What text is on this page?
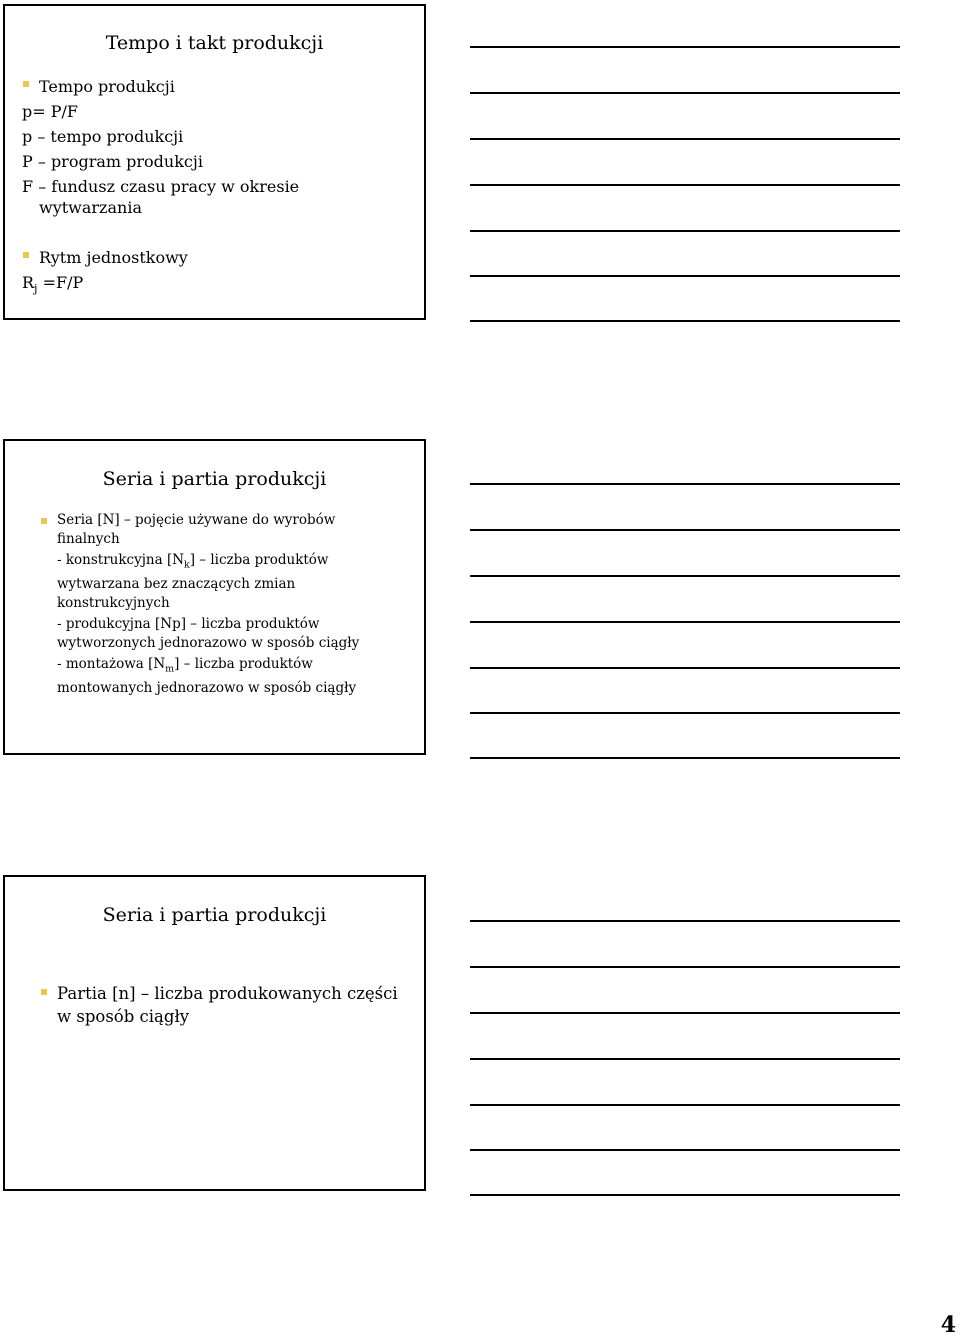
Tempo i takt produkcji
Tempo produkcji
p= P/F
p – tempo produkcji
P – program produkcji
F – fundusz czasu pracy w okresie
wytwarzania
Rytm jednostkowy
$R_j =F/P$
Seria i partia produkcji
Seria [N] – pojęcie używane do wyrobów
finalnych
- konstrukcyjna $[N_k]$ – liczba produktów
wytwarzana bez znaczących zmian
konstrukcyjnych
- produkcyjna [Np] – liczba produktów
wytworzonych jednorazowo w sposób ciągły
- montażowa $[N_m]$ – liczba produktów
montowanych jednorazowo w sposób ciągły
Seria i partia produkcji
Partia [n] – liczba produkowanych części
w sposób ciągły
4
